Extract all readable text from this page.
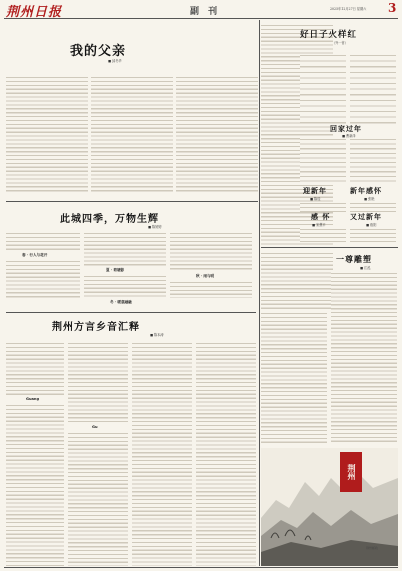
荆州日报	副 刊	2025年12月27日 星期六 3
我的父亲
■ 邱冬华
好日子火样红
（外一首）
回家过年
■ 曹新泽
迎新年
■ 陈桂
新年感怀
■ 张艳
感 怀
■ 宋慧平
又过新年
■ 欧阳
此城四季，万物生辉
■ 陈婷婷
春 · 行人与花开
夏 · 荷塘影
秋 · 雨与明
冬 · 暖意融融
一尊雕塑
■ 江泓
荆州方言乡音汇释
■ 陈本涛
Guang
Gu
荆州
荆州邮政
